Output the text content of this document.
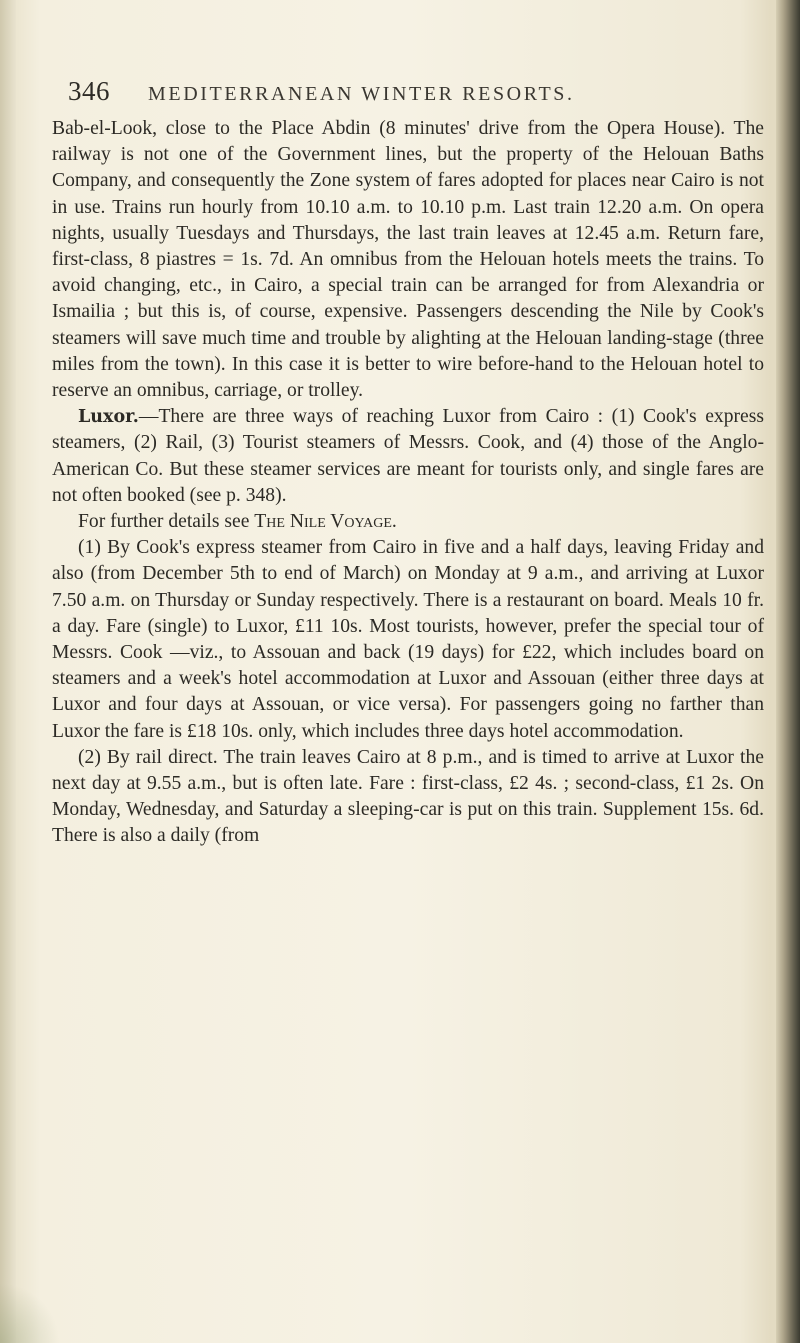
346 MEDITERRANEAN WINTER RESORTS.

Bab-el-Look, close to the Place Abdin (8 minutes' drive from the Opera House). The railway is not one of the Government lines, but the property of the Helouan Baths Company, and consequently the Zone system of fares adopted for places near Cairo is not in use. Trains run hourly from 10.10 a.m. to 10.10 p.m. Last train 12.20 a.m. On opera nights, usually Tuesdays and Thursdays, the last train leaves at 12.45 a.m. Return fare, first-class, 8 piastres = 1s. 7d. An omnibus from the Helouan hotels meets the trains. To avoid changing, etc., in Cairo, a special train can be arranged for from Alexandria or Ismailia ; but this is, of course, expensive. Passengers descending the Nile by Cook's steamers will save much time and trouble by alighting at the Helouan landing-stage (three miles from the town). In this case it is better to wire before-hand to the Helouan hotel to reserve an omnibus, carriage, or trolley.

Luxor.—There are three ways of reaching Luxor from Cairo : (1) Cook's express steamers, (2) Rail, (3) Tourist steamers of Messrs. Cook, and (4) those of the Anglo-American Co. But these steamer services are meant for tourists only, and single fares are not often booked (see p. 348).

For further details see The Nile Voyage.

(1) By Cook's express steamer from Cairo in five and a half days, leaving Friday and also (from December 5th to end of March) on Monday at 9 a.m., and arriving at Luxor 7.50 a.m. on Thursday or Sunday respectively. There is a restaurant on board. Meals 10 fr. a day. Fare (single) to Luxor, £11 10s. Most tourists, however, prefer the special tour of Messrs. Cook —viz., to Assouan and back (19 days) for £22, which includes board on steamers and a week's hotel accommodation at Luxor and Assouan (either three days at Luxor and four days at Assouan, or vice versa). For passengers going no farther than Luxor the fare is £18 10s. only, which includes three days hotel accommodation.

(2) By rail direct. The train leaves Cairo at 8 p.m., and is timed to arrive at Luxor the next day at 9.55 a.m., but is often late. Fare : first-class, £2 4s. ; second-class, £1 2s. On Monday, Wednesday, and Saturday a sleeping-car is put on this train. Supplement 15s. 6d. There is also a daily (from
